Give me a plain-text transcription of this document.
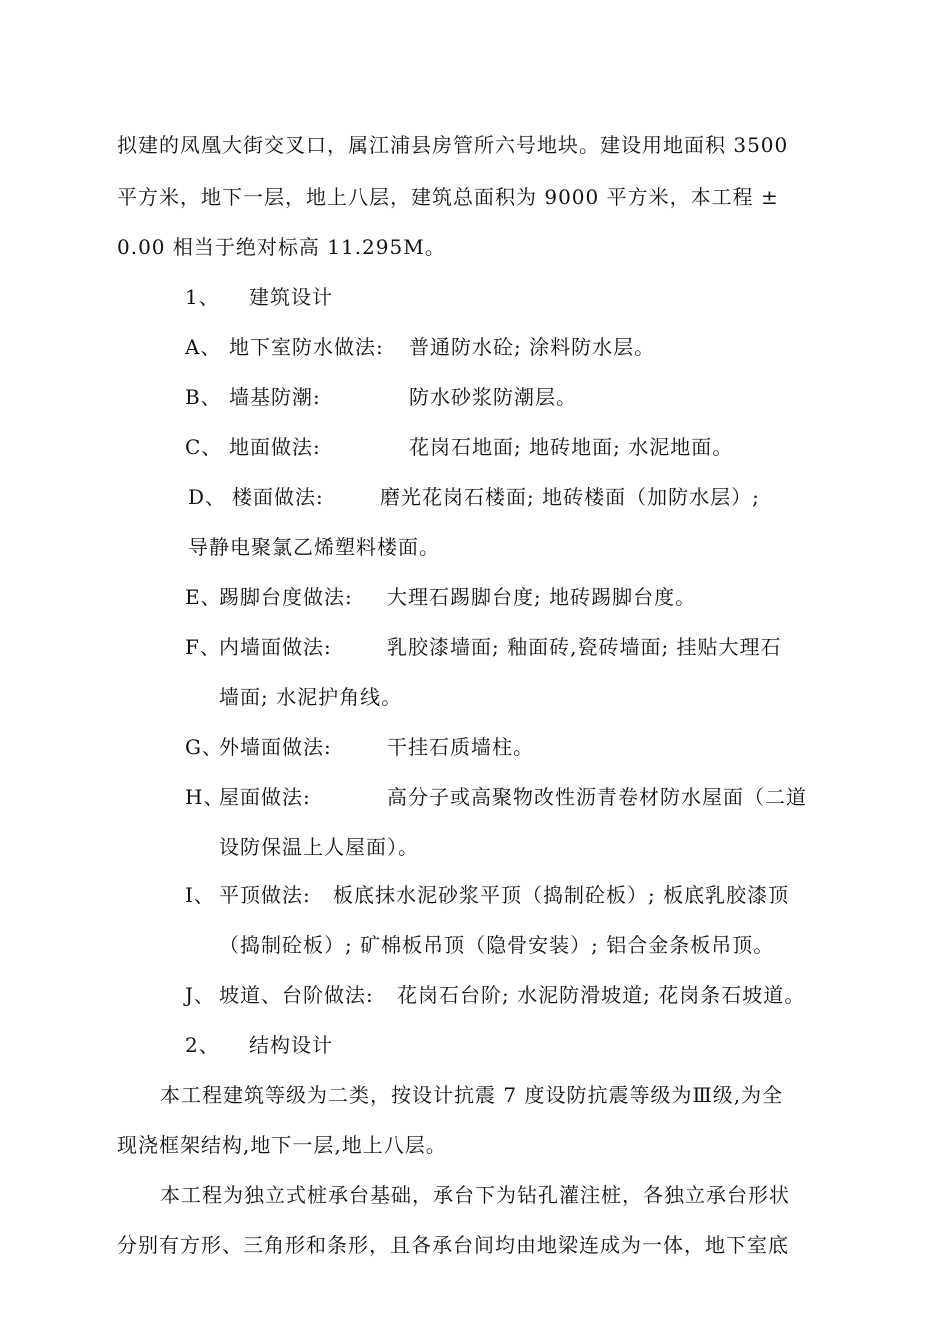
拟建的凤凰大街交叉口，属江浦县房管所六号地块。建设用地面积 3500
平方米，地下一层，地上八层，建筑总面积为 9000 平方米，本工程 ±
0.00 相当于绝对标高 11.295M。
1、 建筑设计
A、 地下室防水做法: 普通防水砼; 涂料防水层。
B、 墙基防潮:	防水砂浆防潮层。
C、 地面做法:	花岗石地面; 地砖地面; 水泥地面。
D、 楼面做法:	磨光花岗石楼面; 地砖楼面（加防水层）;
导静电聚氯乙烯塑料楼面。
E、踢脚台度做法: 大理石踢脚台度; 地砖踢脚台度。
F、内墙面做法:	乳胶漆墙面; 釉面砖,瓷砖墙面; 挂贴大理石
墙面; 水泥护角线。
G、外墙面做法:	干挂石质墙柱。
H、屋面做法:	高分子或高聚物改性沥青卷材防水屋面（二道
设防保温上人屋面）。
I、 平顶做法: 板底抹水泥砂浆平顶（捣制砼板）; 板底乳胶漆顶
（捣制砼板）; 矿棉板吊顶（隐骨安装）; 铝合金条板吊顶。
J、 坡道、台阶做法: 花岗石台阶; 水泥防滑坡道; 花岗条石坡道。
2、 结构设计
本工程建筑等级为二类，按设计抗震 7 度设防抗震等级为Ⅲ级,为全
现浇框架结构,地下一层,地上八层。
本工程为独立式桩承台基础，承台下为钻孔灌注桩，各独立承台形状
分别有方形、三角形和条形，且各承台间均由地梁连成为一体，地下室底
